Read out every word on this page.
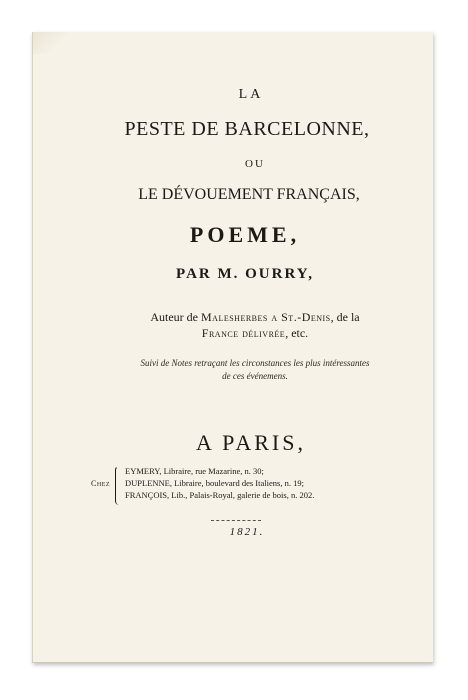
LA
PESTE DE BARCELONNE,
OU
LE DÉVOUEMENT FRANÇAIS,
POEME,
PAR M. OURRY,
Auteur de Malesherbes a St.-Denis, de la
France délivrée, etc.
Suivi de Notes retraçant les circonstances les plus intéressantes
de ces événemens.
A PARIS,
Chez
EYMERY, Libraire, rue Mazarine, n. 30;
DUPLENNE, Libraire, boulevard des Italiens, n. 19;
FRANÇOIS, Lib., Palais-Royal, galerie de bois, n. 202.
1821.
